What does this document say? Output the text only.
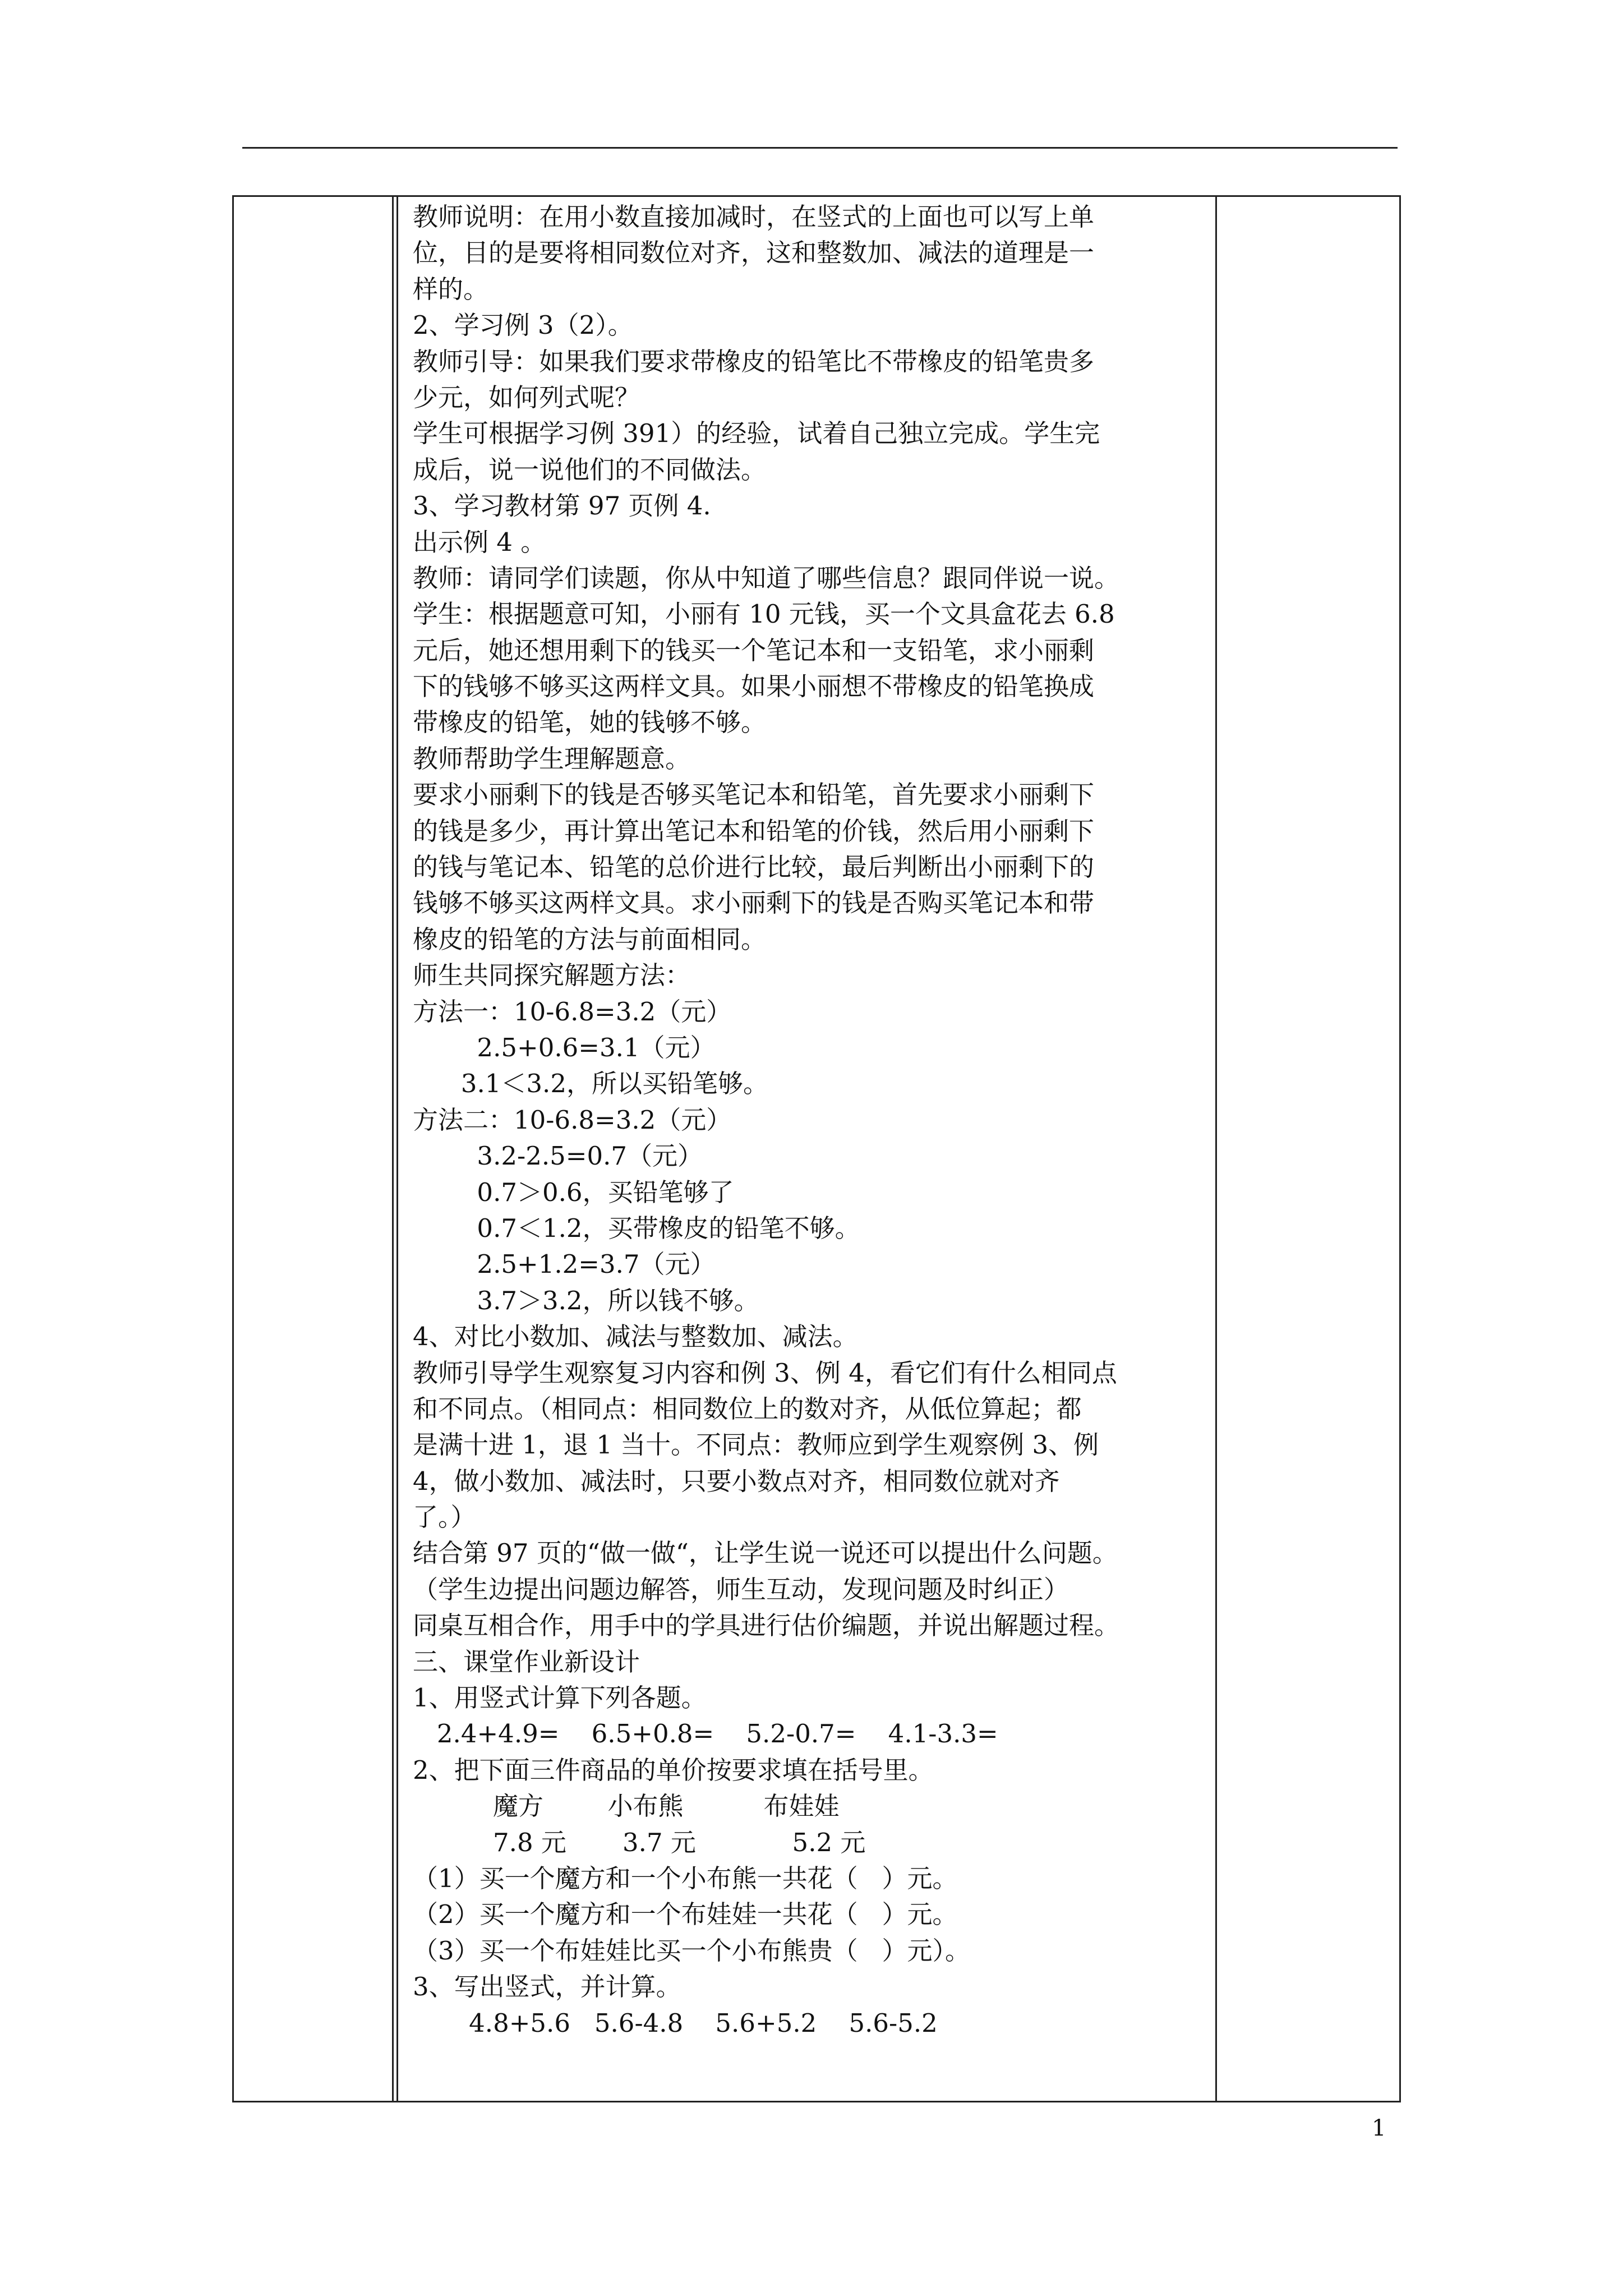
教师说明：在用小数直接加减时，在竖式的上面也可以写上单
位，目的是要将相同数位对齐，这和整数加、减法的道理是一
样的。
2、学习例 3（2）。
教师引导：如果我们要求带橡皮的铅笔比不带橡皮的铅笔贵多
少元，如何列式呢？
学生可根据学习例 391）的经验，试着自己独立完成。学生完
成后，说一说他们的不同做法。
3、学习教材第 97 页例 4.
出示例 4 。
教师：请同学们读题，你从中知道了哪些信息？跟同伴说一说。
学生：根据题意可知，小丽有 10 元钱，买一个文具盒花去 6.8
元后，她还想用剩下的钱买一个笔记本和一支铅笔，求小丽剩
下的钱够不够买这两样文具。如果小丽想不带橡皮的铅笔换成
带橡皮的铅笔，她的钱够不够。
教师帮助学生理解题意。
要求小丽剩下的钱是否够买笔记本和铅笔，首先要求小丽剩下
的钱是多少，再计算出笔记本和铅笔的价钱，然后用小丽剩下
的钱与笔记本、铅笔的总价进行比较，最后判断出小丽剩下的
钱够不够买这两样文具。求小丽剩下的钱是否购买笔记本和带
橡皮的铅笔的方法与前面相同。
师生共同探究解题方法：
方法一：10-6.8=3.2（元）
2.5+0.6=3.1（元）
3.1＜3.2，所以买铅笔够。
方法二：10-6.8=3.2（元）
3.2-2.5=0.7（元）
0.7＞0.6，买铅笔够了
0.7＜1.2，买带橡皮的铅笔不够。
2.5+1.2=3.7（元）
3.7＞3.2，所以钱不够。
4、对比小数加、减法与整数加、减法。
教师引导学生观察复习内容和例 3、例 4，看它们有什么相同点
和不同点。（相同点：相同数位上的数对齐，从低位算起；都
是满十进 1，退 1 当十。不同点：教师应到学生观察例 3、例
4，做小数加、减法时，只要小数点对齐，相同数位就对齐
了。）
结合第 97 页的“做一做“，让学生说一说还可以提出什么问题。
（学生边提出问题边解答，师生互动，发现问题及时纠正）
同桌互相合作，用手中的学具进行估价编题，并说出解题过程。
三、课堂作业新设计
1、用竖式计算下列各题。
2.4+4.9=    6.5+0.8=    5.2-0.7=    4.1-3.3=
2、把下面三件商品的单价按要求填在括号里。
魔方        小布熊          布娃娃
7.8 元       3.7 元            5.2 元
（1）买一个魔方和一个小布熊一共花（   ）元。
（2）买一个魔方和一个布娃娃一共花（   ）元。
（3）买一个布娃娃比买一个小布熊贵（   ）元）。
3、写出竖式，并计算。
4.8+5.6   5.6-4.8    5.6+5.2    5.6-5.2
1
